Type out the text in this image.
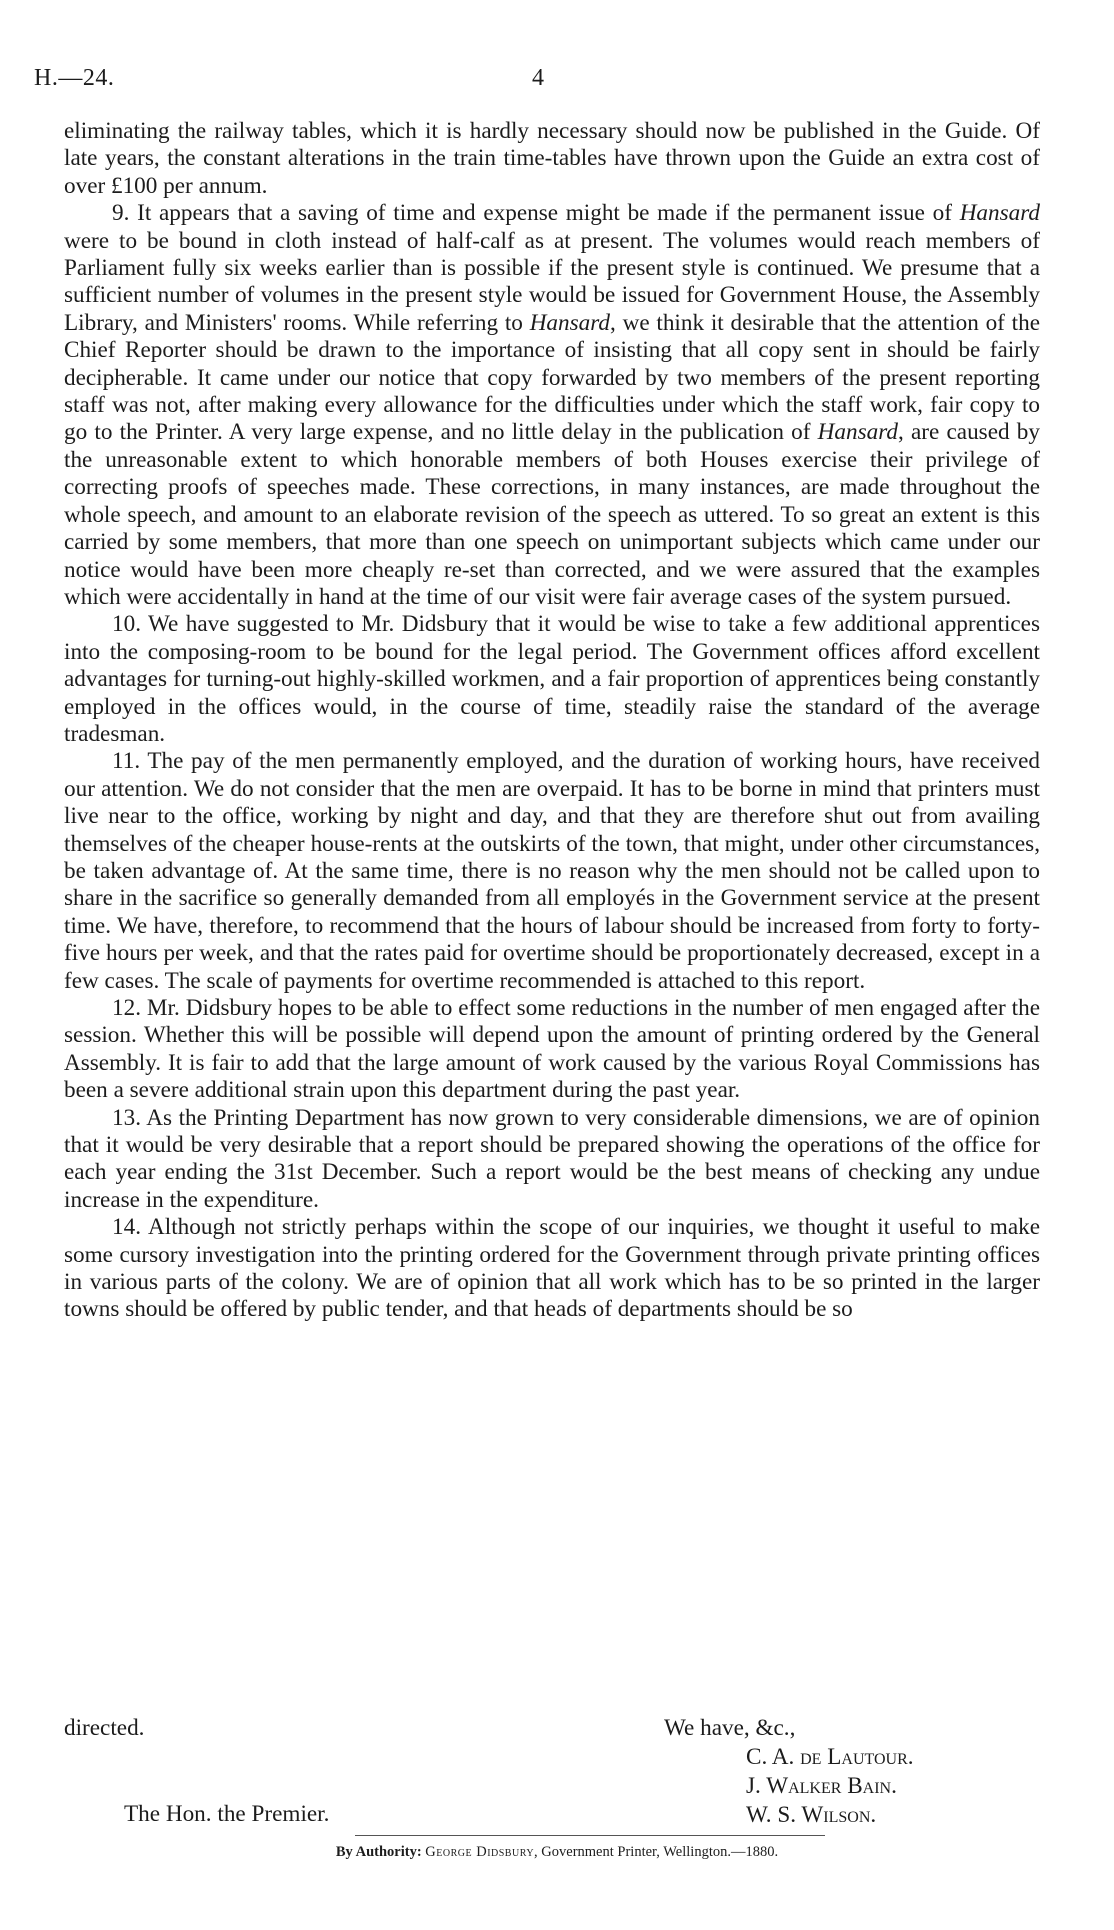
H.—24.	4

eliminating the railway tables, which it is hardly necessary should now be published in the Guide. Of late years, the constant alterations in the train time-tables have thrown upon the Guide an extra cost of over £100 per annum.

9. It appears that a saving of time and expense might be made if the permanent issue of Hansard were to be bound in cloth instead of half-calf as at present. The volumes would reach members of Parliament fully six weeks earlier than is possible if the present style is continued. We presume that a sufficient number of volumes in the present style would be issued for Government House, the Assembly Library, and Ministers' rooms. While referring to Hansard, we think it desirable that the attention of the Chief Reporter should be drawn to the importance of insisting that all copy sent in should be fairly decipherable. It came under our notice that copy forwarded by two members of the present reporting staff was not, after making every allowance for the difficulties under which the staff work, fair copy to go to the Printer. A very large expense, and no little delay in the publication of Hansard, are caused by the unreasonable extent to which honorable members of both Houses exercise their privilege of correcting proofs of speeches made. These corrections, in many instances, are made throughout the whole speech, and amount to an elaborate revision of the speech as uttered. To so great an extent is this carried by some members, that more than one speech on unimportant subjects which came under our notice would have been more cheaply re-set than corrected, and we were assured that the examples which were accidentally in hand at the time of our visit were fair average cases of the system pursued.

10. We have suggested to Mr. Didsbury that it would be wise to take a few additional apprentices into the composing-room to be bound for the legal period. The Government offices afford excellent advantages for turning-out highly-skilled workmen, and a fair proportion of apprentices being constantly employed in the offices would, in the course of time, steadily raise the standard of the average tradesman.

11. The pay of the men permanently employed, and the duration of working hours, have received our attention. We do not consider that the men are overpaid. It has to be borne in mind that printers must live near to the office, working by night and day, and that they are therefore shut out from availing themselves of the cheaper house-rents at the outskirts of the town, that might, under other circumstances, be taken advantage of. At the same time, there is no reason why the men should not be called upon to share in the sacrifice so generally demanded from all employés in the Government service at the present time. We have, therefore, to recommend that the hours of labour should be increased from forty to forty-five hours per week, and that the rates paid for overtime should be proportionately decreased, except in a few cases. The scale of payments for overtime recommended is attached to this report.

12. Mr. Didsbury hopes to be able to effect some reductions in the number of men engaged after the session. Whether this will be possible will depend upon the amount of printing ordered by the General Assembly. It is fair to add that the large amount of work caused by the various Royal Commissions has been a severe additional strain upon this department during the past year.

13. As the Printing Department has now grown to very considerable dimensions, we are of opinion that it would be very desirable that a report should be prepared showing the operations of the office for each year ending the 31st December. Such a report would be the best means of checking any undue increase in the expenditure.

14. Although not strictly perhaps within the scope of our inquiries, we thought it useful to make some cursory investigation into the printing ordered for the Government through private printing offices in various parts of the colony. We are of opinion that all work which has to be so printed in the larger towns should be offered by public tender, and that heads of departments should be so

directed.	We have, &c.,
C. A. de Lautour.
J. Walker Bain.
W. S. Wilson.
The Hon. the Premier.
By Authority: George Didsbury, Government Printer, Wellington.—1880.
